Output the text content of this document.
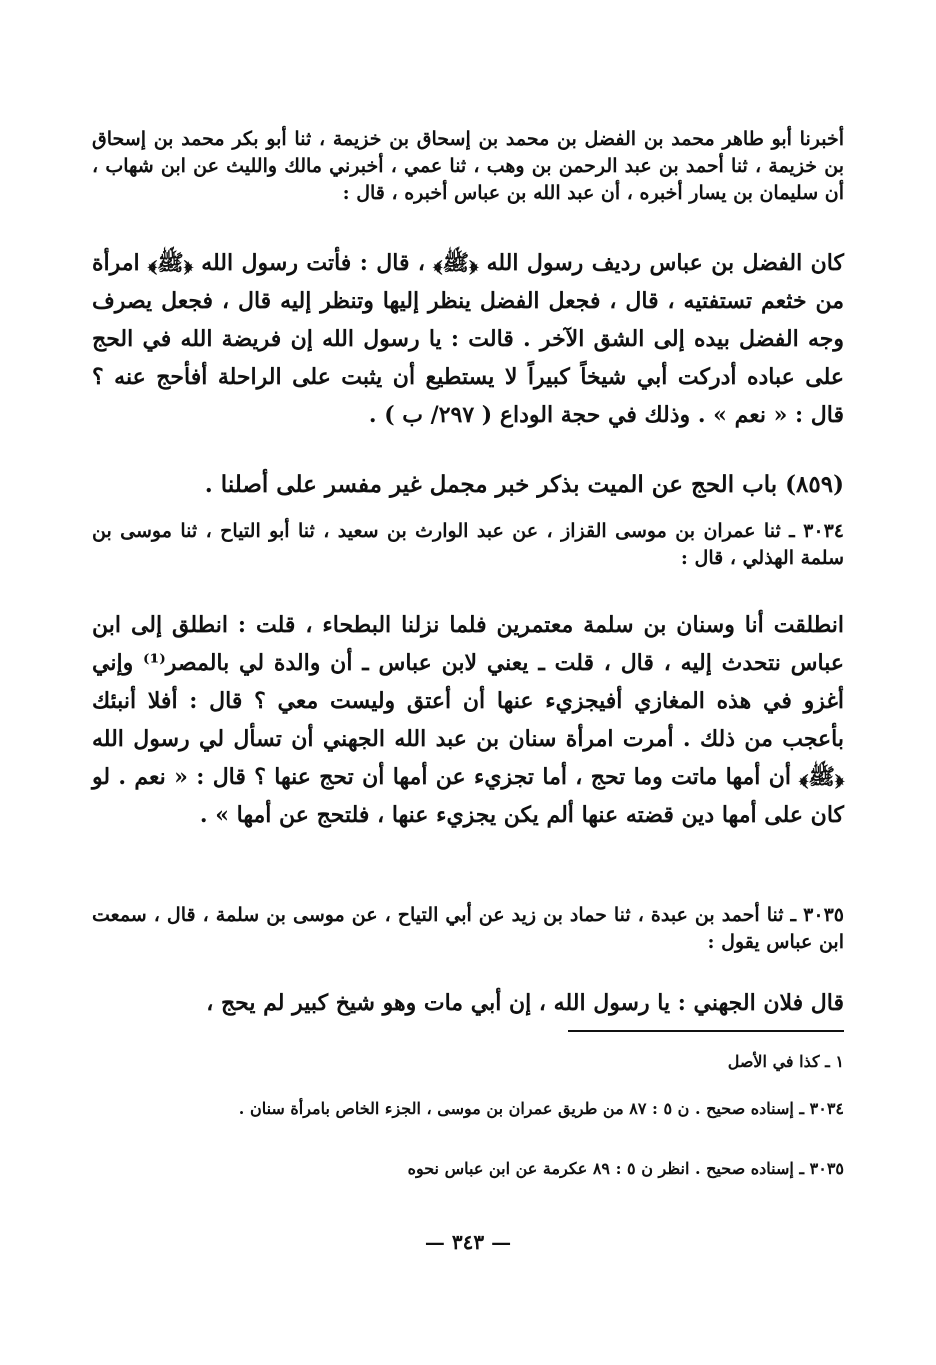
أخبرنا أبو طاهر محمد بن الفضل بن محمد بن إسحاق بن خزيمة ، ثنا أبو بكر محمد بن إسحاق بن خزيمة ، ثنا أحمد بن عبد الرحمن بن وهب ، ثنا عمي ، أخبرني مالك والليث عن ابن شهاب ، أن سليمان بن يسار أخبره ، أن عبد الله بن عباس أخبره ، قال :

كان الفضل بن عباس رديف رسول الله ﴿ﷺ﴾ ، قال : فأتت رسول الله ﴿ﷺ﴾ امرأة من خثعم تستفتيه ، قال ، فجعل الفضل ينظر إليها وتنظر إليه قال ، فجعل يصرف وجه الفضل بيده إلى الشق الآخر . قالت : يا رسول الله إن فريضة الله في الحج على عباده أدركت أبي شيخاً كبيراً لا يستطيع أن يثبت على الراحلة أفأحج عنه ؟ قال : « نعم » . وذلك في حجة الوداع ( ٢٩٧/ ب ) .

(٨٥٩) باب الحج عن الميت بذكر خبر مجمل غير مفسر على أصلنا .

٣٠٣٤ ـ ثنا عمران بن موسى القزاز ، عن عبد الوارث بن سعيد ، ثنا أبو التياح ، ثنا موسى بن سلمة الهذلي ، قال :

انطلقت أنا وسنان بن سلمة معتمرين فلما نزلنا البطحاء ، قلت : انطلق إلى ابن عباس نتحدث إليه ، قال ، قلت ـ يعني لابن عباس ـ أن والدة لي بالمصر⁽¹⁾ وإني أغزو في هذه المغازي أفيجزيء عنها أن أعتق وليست معي ؟ قال : أفلا أنبئك بأعجب من ذلك . أمرت امرأة سنان بن عبد الله الجهني أن تسأل لي رسول الله ﴿ﷺ﴾ أن أمها ماتت وما تحج ، أما تجزيء عن أمها أن تحج عنها ؟ قال : « نعم . لو كان على أمها دين قضته عنها ألم يكن يجزيء عنها ، فلتحج عن أمها » .

٣٠٣٥ ـ ثنا أحمد بن عبدة ، ثنا حماد بن زيد عن أبي التياح ، عن موسى بن سلمة ، قال ، سمعت ابن عباس يقول :

قال فلان الجهني : يا رسول الله ، إن أبي مات وهو شيخ كبير لم يحج ،

١ ـ كذا في الأصل

٣٠٣٤ ـ إسناده صحيح . ن ٥ : ٨٧ من طريق عمران بن موسى ، الجزء الخاص بامرأة سنان .

٣٠٣٥ ـ إسناده صحيح . انظر ن ٥ : ٨٩ عكرمة عن ابن عباس نحوه

— ٣٤٣ —
